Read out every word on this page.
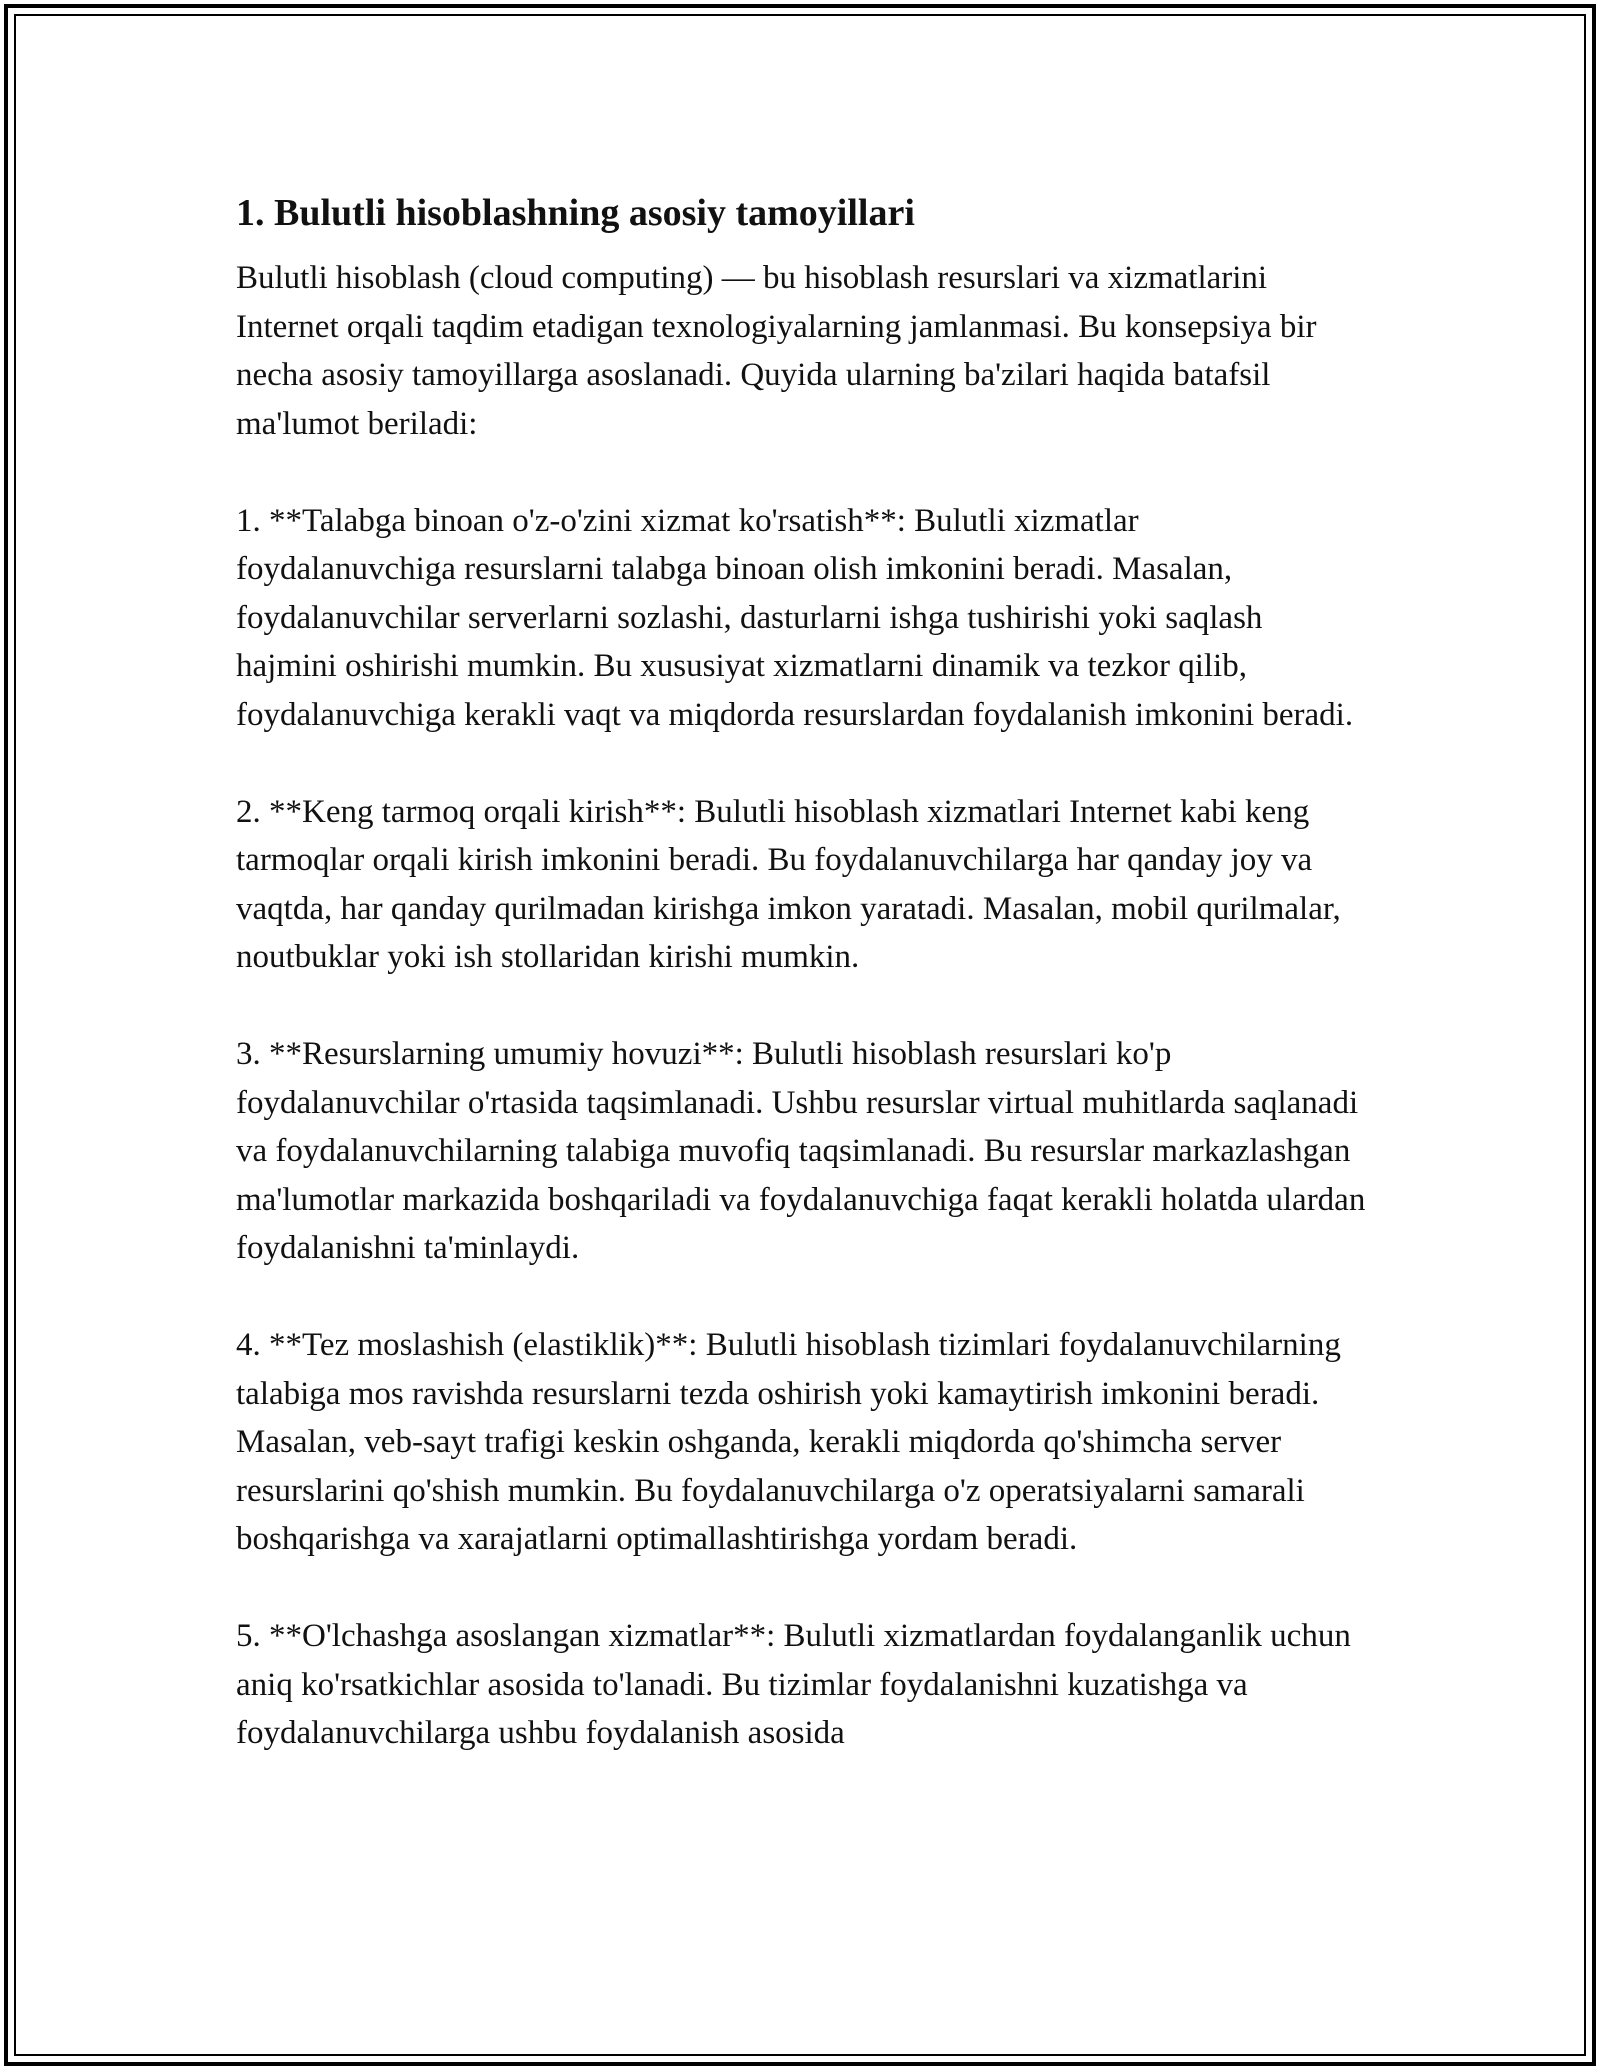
1. Bulutli hisoblashning asosiy tamoyillari

Bulutli hisoblash (cloud computing) — bu hisoblash resurslari va xizmatlarini Internet orqali taqdim etadigan texnologiyalarning jamlanmasi. Bu konsepsiya bir necha asosiy tamoyillarga asoslanadi. Quyida ularning ba'zilari haqida batafsil ma'lumot beriladi:

1. **Talabga binoan o'z-o'zini xizmat ko'rsatish**: Bulutli xizmatlar foydalanuvchiga resurslarni talabga binoan olish imkonini beradi. Masalan, foydalanuvchilar serverlarni sozlashi, dasturlarni ishga tushirishi yoki saqlash hajmini oshirishi mumkin. Bu xususiyat xizmatlarni dinamik va tezkor qilib, foydalanuvchiga kerakli vaqt va miqdorda resurslardan foydalanish imkonini beradi.

2. **Keng tarmoq orqali kirish**: Bulutli hisoblash xizmatlari Internet kabi keng tarmoqlar orqali kirish imkonini beradi. Bu foydalanuvchilarga har qanday joy va vaqtda, har qanday qurilmadan kirishga imkon yaratadi. Masalan, mobil qurilmalar, noutbuklar yoki ish stollaridan kirishi mumkin.

3. **Resurslarning umumiy hovuzi**: Bulutli hisoblash resurslari ko'p foydalanuvchilar o'rtasida taqsimlanadi. Ushbu resurslar virtual muhitlarda saqlanadi va foydalanuvchilarning talabiga muvofiq taqsimlanadi. Bu resurslar markazlashgan ma'lumotlar markazida boshqariladi va foydalanuvchiga faqat kerakli holatda ulardan foydalanishni ta'minlaydi.

4. **Tez moslashish (elastiklik)**: Bulutli hisoblash tizimlari foydalanuvchilarning talabiga mos ravishda resurslarni tezda oshirish yoki kamaytirish imkonini beradi. Masalan, veb-sayt trafigi keskin oshganda, kerakli miqdorda qo'shimcha server resurslarini qo'shish mumkin. Bu foydalanuvchilarga o'z operatsiyalarni samarali boshqarishga va xarajatlarni optimallashtirishga yordam beradi.

5. **O'lchashga asoslangan xizmatlar**: Bulutli xizmatlardan foydalanganlik uchun aniq ko'rsatkichlar asosida to'lanadi. Bu tizimlar foydalanishni kuzatishga va foydalanuvchilarga ushbu foydalanish asosida
